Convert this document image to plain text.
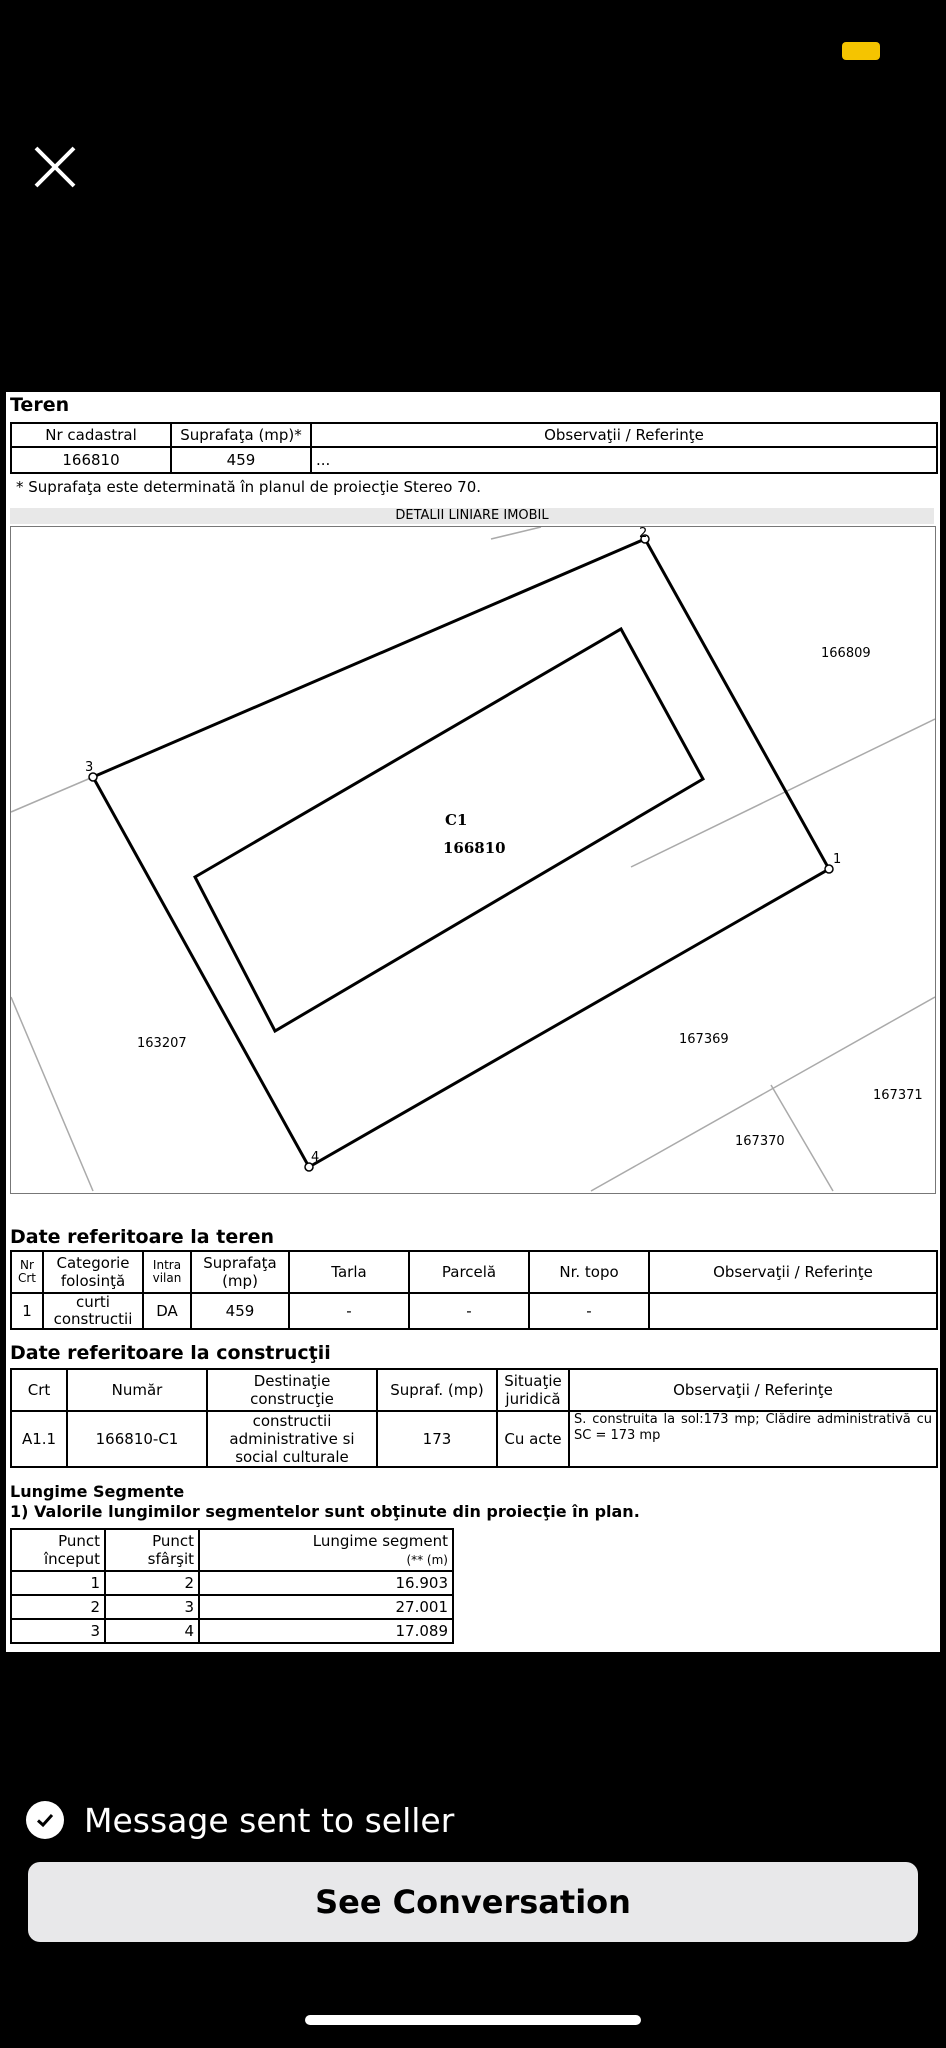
Teren
Nr cadastral	Suprafaţa (mp)*	Observaţii / Referinţe
166810	459	...
* Suprafaţa este determinată în planul de proiecţie Stereo 70.
DETALII LINIARE IMOBIL
1
2
3
4
C1
166810
166809
163207	167369
167371
167370
Date referitoare la teren
Nr Crt	Categorie folosinţă	Intra vilan	Suprafaţa (mp)	Tarla	Parcelă	Nr. topo	Observaţii / Referinţe
1	curti constructii	DA	459	-	-	-	
Date referitoare la construcţii
Crt	Număr	Destinaţie construcţie	Supraf. (mp)	Situaţie juridică	Observaţii / Referinţe
A1.1	166810-C1	constructii administrative si social culturale	173	Cu acte	S. construita la sol:173 mp; Clădire administrativă cu SC = 173 mp
Lungime Segmente
1) Valorile lungimilor segmentelor sunt obţinute din proiecţie în plan.
Punct început	Punct sfârşit	Lungime segment
(** (m)
1	2	16.903
2	3	27.001
3	4	17.089
Message sent to seller
See Conversation
